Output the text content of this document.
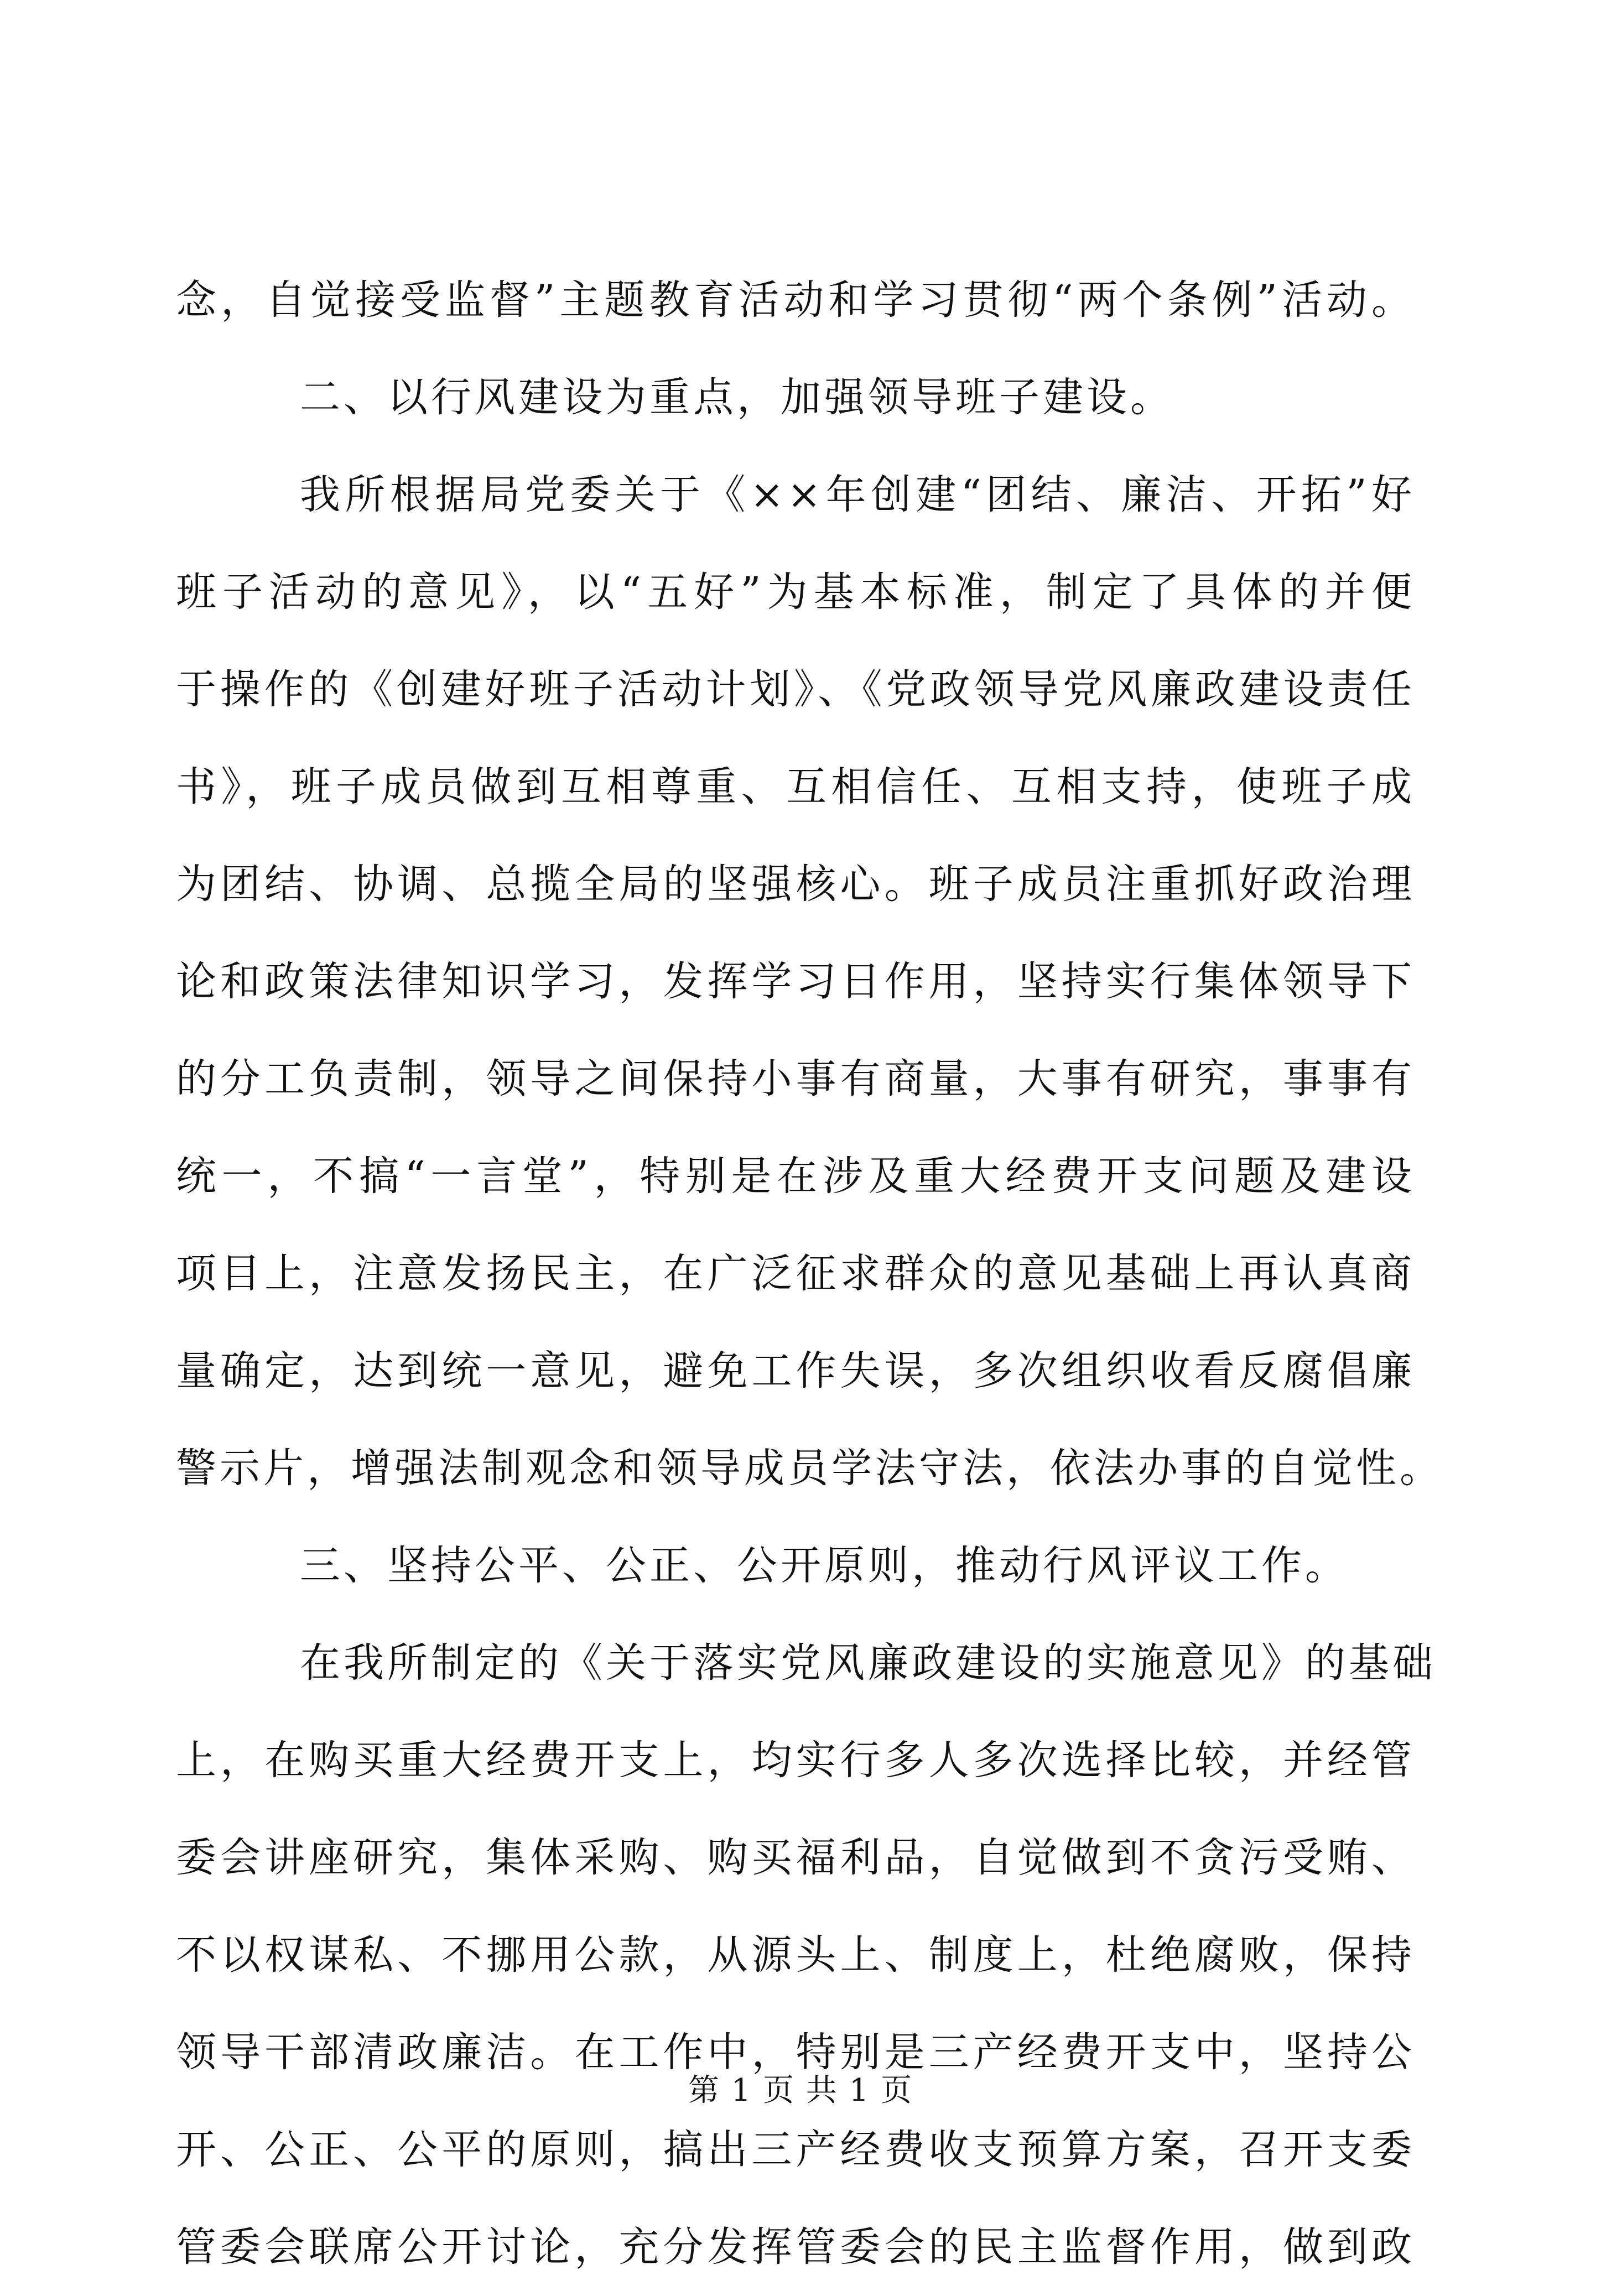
念，自觉接受监督”主题教育活动和学习贯彻“两个条例”活动。
二、以行风建设为重点，加强领导班子建设。
我所根据局党委关于《××年创建“团结、廉洁、开拓”好
班子活动的意见》，以“五好”为基本标准，制定了具体的并便
于操作的《创建好班子活动计划》、《党政领导党风廉政建设责任
书》，班子成员做到互相尊重、互相信任、互相支持，使班子成
为团结、协调、总揽全局的坚强核心。班子成员注重抓好政治理
论和政策法律知识学习，发挥学习日作用，坚持实行集体领导下
的分工负责制，领导之间保持小事有商量，大事有研究，事事有
统一，不搞“一言堂”，特别是在涉及重大经费开支问题及建设
项目上，注意发扬民主，在广泛征求群众的意见基础上再认真商
量确定，达到统一意见，避免工作失误，多次组织收看反腐倡廉
警示片，增强法制观念和领导成员学法守法，依法办事的自觉性。
三、坚持公平、公正、公开原则，推动行风评议工作。
在我所制定的《关于落实党风廉政建设的实施意见》的基础
上，在购买重大经费开支上，均实行多人多次选择比较，并经管
委会讲座研究，集体采购、购买福利品，自觉做到不贪污受贿、
不以权谋私、不挪用公款，从源头上、制度上，杜绝腐败，保持
领导干部清政廉洁。在工作中，特别是三产经费开支中，坚持公
开、公正、公平的原则，搞出三产经费收支预算方案，召开支委
管委会联席公开讨论，充分发挥管委会的民主监督作用，做到政
第 1 页 共 1 页
